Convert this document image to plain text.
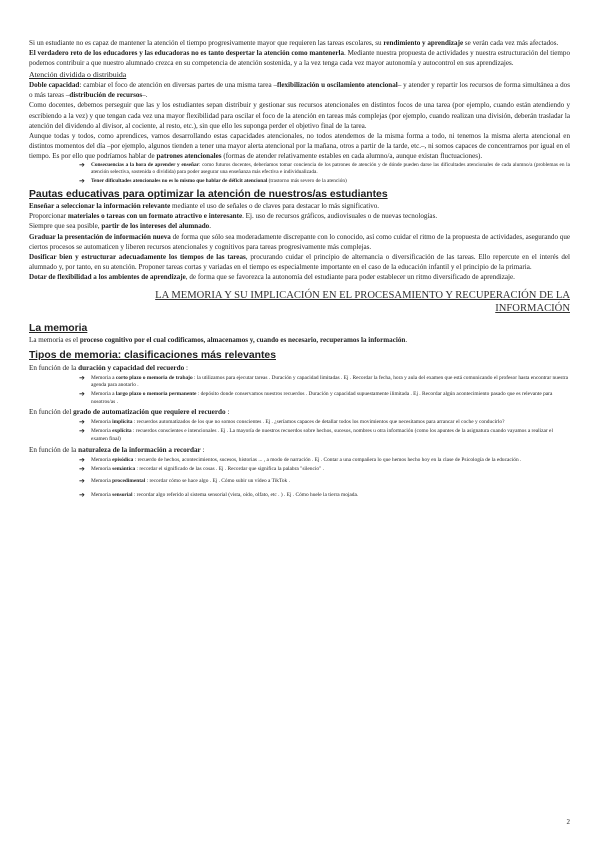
Si un estudiante no es capaz de mantener la atención el tiempo progresivamente mayor que requieren las tareas escolares, su rendimiento y aprendizaje se verán cada vez más afectados.

El verdadero reto de los educadores y las educadoras no es tanto despertar la atención como mantenerla. Mediante nuestra propuesta de actividades y nuestra estructuración del tiempo podemos contribuir a que nuestro alumnado crezca en su competencia de atención sostenida, y a la vez tenga cada vez mayor autonomía y autocontrol en sus aprendizajes.

Atención dividida o distribuida

Doble capacidad: cambiar el foco de atención en diversas partes de una misma tarea –flexibilización u oscilamiento atencional– y atender y repartir los recursos de forma simultánea a dos o más tareas –distribución de recursos–.

Como docentes, debemos perseguir que las y los estudiantes sepan distribuir y gestionar sus recursos atencionales en distintos focos de una tarea (por ejemplo, cuando están atendiendo y escribiendo a la vez) y que tengan cada vez una mayor flexibilidad para oscilar el foco de la atención en tareas más complejas (por ejemplo, cuando realizan una división, deberán trasladar la atención del dividendo al divisor, al cociente, al resto, etc.), sin que ello les suponga perder el objetivo final de la tarea.

Aunque todas y todos, como aprendices, vamos desarrollando estas capacidades atencionales, no todos atendemos de la misma forma a todo, ni tenemos la misma alerta atencional en distintos momentos del día –por ejemplo, algunos tienden a tener una mayor alerta atencional por la mañana, otros a partir de la tarde, etc.–, ni somos capaces de concentrarnos por igual en el tiempo. Es por ello que podríamos hablar de patrones atencionales (formas de atender relativamente estables en cada alumno/a, aunque existan fluctuaciones).

➔	Consecuencias a la hora de aprender y enseñar: como futuros docentes, deberíamos tomar conciencia de los patrones de atención y de dónde pueden darse las dificultades atencionales de cada alumno/a (problemas en la atención selectiva, sostenida o dividida) para poder asegurar una enseñanza más efectiva e individualizada.
➔	Tener dificultades atencionales no es lo mismo que hablar de déficit atencional (trastorno más severo de la atención)
Pautas educativas para optimizar la atención de nuestros/as estudiantes

Enseñar a seleccionar la información relevante mediante el uso de señales o de claves para destacar lo más significativo.

Proporcionar materiales o tareas con un formato atractivo e interesante. Ej. uso de recursos gráficos, audiovisuales o de nuevas tecnologías.

Siempre que sea posible, partir de los intereses del alumnado.

Graduar la presentación de información nueva de forma que sólo sea moderadamente discrepante con lo conocido, así como cuidar el ritmo de la propuesta de actividades, asegurando que ciertos procesos se automaticen y liberen recursos atencionales y cognitivos para tareas progresivamente más complejas.

Dosificar bien y estructurar adecuadamente los tiempos de las tareas, procurando cuidar el principio de alternancia o diversificación de las tareas. Ello repercute en el interés del alumnado y, por tanto, en su atención. Proponer tareas cortas y variadas en el tiempo es especialmente importante en el caso de la educación infantil y el principio de la primaria.

Dotar de flexibilidad a los ambientes de aprendizaje, de forma que se favorezca la autonomía del estudiante para poder establecer un ritmo diversificado de aprendizaje.

LA MEMORIA Y SU IMPLICACIÓN EN EL PROCESAMIENTO Y RECUPERACIÓN DE LA
INFORMACIÓN
La memoria

La memoria es el proceso cognitivo por el cual codificamos, almacenamos y, cuando es necesario, recuperamos la información.

Tipos de memoria: clasificaciones más relevantes
En función de la duración y capacidad del recuerdo :
➔	Memoria a corto plazo o memoria de trabajo : la utilizamos para ejecutar tareas . Duración y capacidad limitadas . Ej . Recordar la fecha, hora y aula del examen que está comunicando el profesor hasta encontrar nuestra agenda para anotarlo .
➔	Memoria a largo plazo o memoria permanente : depósito donde conservamos nuestros recuerdos . Duración y capacidad supuestamente ilimitada . Ej . Recordar algún acontecimiento pasado que es relevante para nosotros/as .
En función del grado de automatización que requiere el recuerdo :
➔	Memoria implícita : recuerdos automatizados de los que no somos conscientes . Ej . ¿seríamos capaces de detallar todos los movimientos que necesitamos para arrancar el coche y conducirlo?
➔	Memoria explícita : recuerdos conscientes e intencionales . Ej . La mayoría de nuestros recuerdos sobre hechos, sucesos, nombres u otra información (como los apuntes de la asignatura cuando vayamos a realizar el examen final)
En función de la naturaleza de la información a recordar :
➔	Memoria episódica : recuerdo de hechos, acontecimientos, sucesos, historias ... , a modo de narración . Ej . Contar a una compañera lo que hemos hecho hoy en la clase de Psicología de la educación .
➔	Memoria semántica : recordar el significado de las cosas . Ej . Recordar que significa la palabra "silencio" .
➔	Memoria procedimental : recordar cómo se hace algo . Ej . Cómo subir un vídeo a TikTok .
➔	Memoria sensorial : recordar algo referido al sistema sensorial (vista, oído, olfato, etc . ) . Ej . Cómo huele la tierra mojada.
2
